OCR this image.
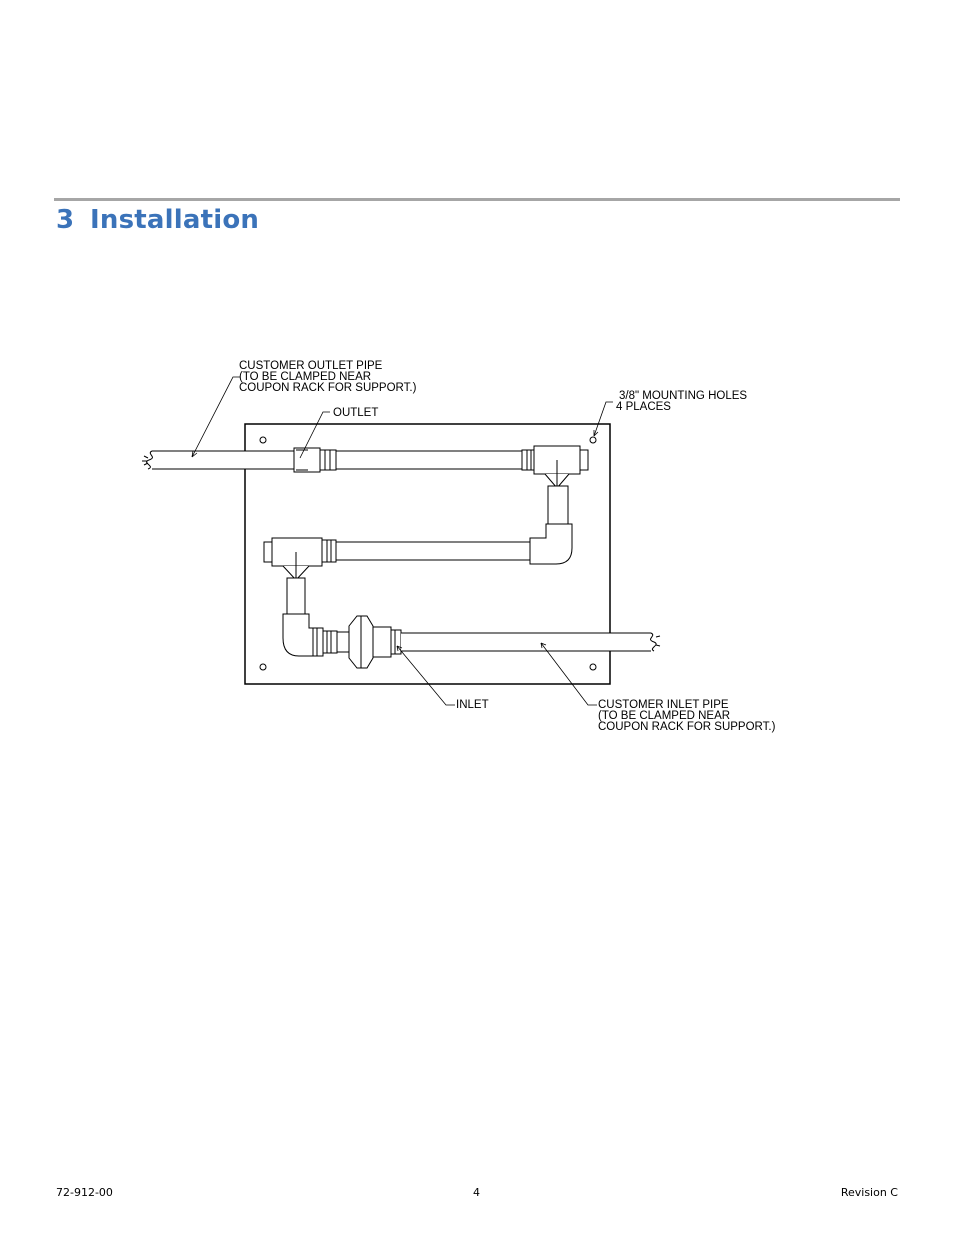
3 Installation
CUSTOMER OUTLET PIPE
(TO BE CLAMPED NEAR
COUPON RACK FOR SUPPORT.)
OUTLET
3/8" MOUNTING HOLES
4 PLACES
INLET	CUSTOMER INLET PIPE
(TO BE CLAMPED NEAR
COUPON RACK FOR SUPPORT.)
72-912-00	4	Revision C
